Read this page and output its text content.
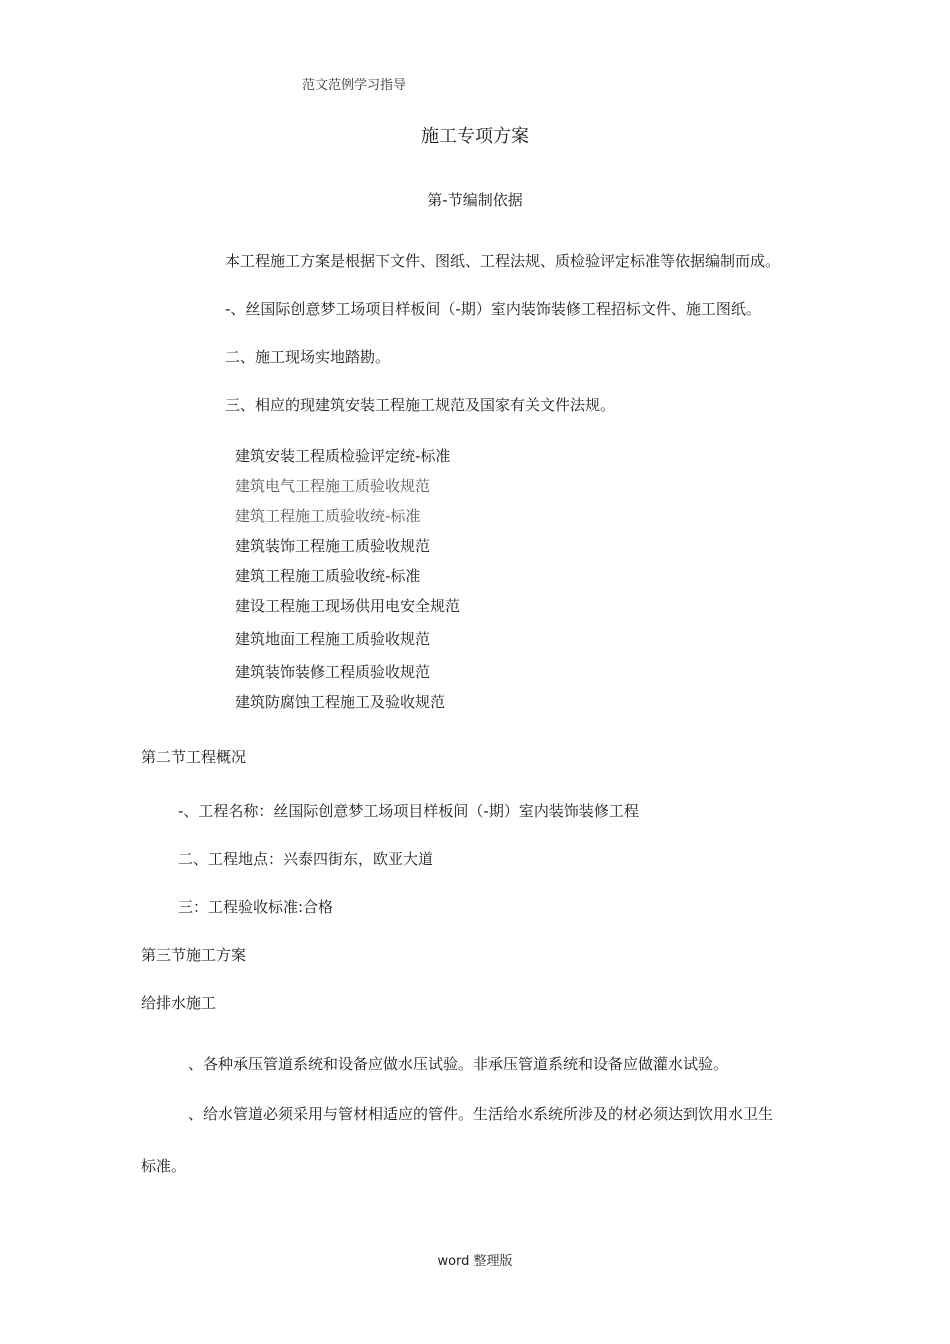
范文范例学习指导
施工专项方案
第-节编制依据
本工程施工方案是根据下文件、图纸、工程法规、质检验评定标准等依据编制而成。
-、丝国际创意梦工场项目样板间（-期）室内装饰装修工程招标文件、施工图纸。
二、施工现场实地踏勘。
三、相应的现建筑安装工程施工规范及国家有关文件法规。
建筑安装工程质检验评定统-标准
建筑电气工程施工质验收规范
建筑工程施工质验收统-标准
建筑装饰工程施工质验收规范
建筑工程施工质验收统-标准
建设工程施工现场供用电安全规范
建筑地面工程施工质验收规范
建筑装饰装修工程质验收规范
建筑防腐蚀工程施工及验收规范
第二节工程概况
-、工程名称：丝国际创意梦工场项目样板间（-期）室内装饰装修工程
二、工程地点：兴泰四街东，欧亚大道
三：工程验收标准:合格
第三节施工方案
给排水施工
、各种承压管道系统和设备应做水压试验。非承压管道系统和设备应做灌水试验。
、给水管道必须采用与管材相适应的管件。生活给水系统所涉及的材必须达到饮用水卫生
标准。
word 整理版
